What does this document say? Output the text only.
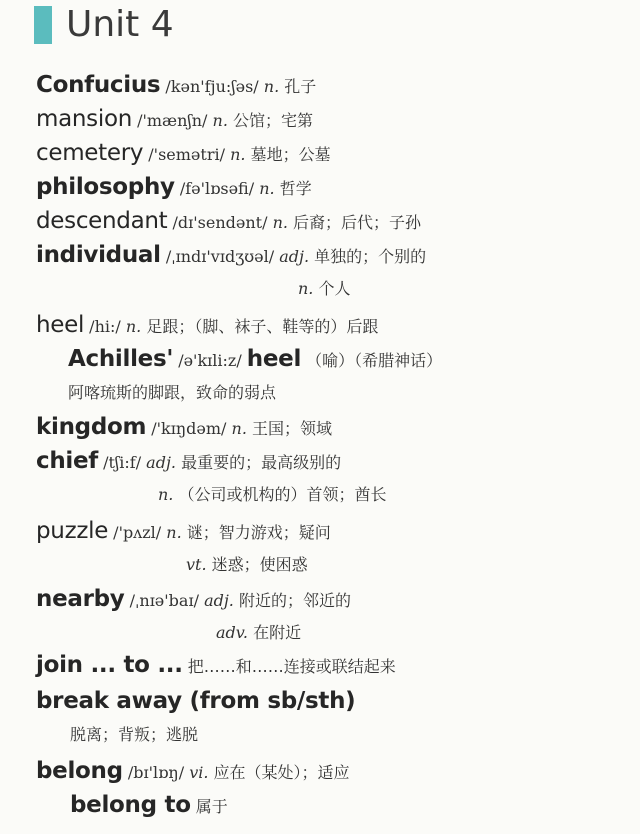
Unit 4
Confucius /kən'fju:ʃəs/ n. 孔子
mansion /'mænʃn/ n. 公馆；宅第
cemetery /'semətri/ n. 墓地；公墓
philosophy /fə'lɒsəfi/ n. 哲学
descendant /dɪ'sendənt/ n. 后裔；后代；子孙
individual /ˌɪndɪ'vɪdʒʊəl/ adj. 单独的；个别的
n. 个人
heel /hi:/ n. 足跟；（脚、袜子、鞋等的）后跟
Achilles' /ə'kɪli:z/ heel （喻）（希腊神话）
阿喀琉斯的脚跟，致命的弱点
kingdom /'kɪŋdəm/ n. 王国；领域
chief /tʃi:f/ adj. 最重要的；最高级别的
n. （公司或机构的）首领；酋长
puzzle /'pʌzl/ n. 谜；智力游戏；疑问
vt. 迷惑；使困惑
nearby /ˌnɪə'baɪ/ adj. 附近的；邻近的
adv. 在附近
join ... to ... 把……和……连接或联结起来
break away (from sb/sth)
脱离；背叛；逃脱
belong /bɪ'lɒŋ/ vi. 应在（某处）；适应
belong to 属于
